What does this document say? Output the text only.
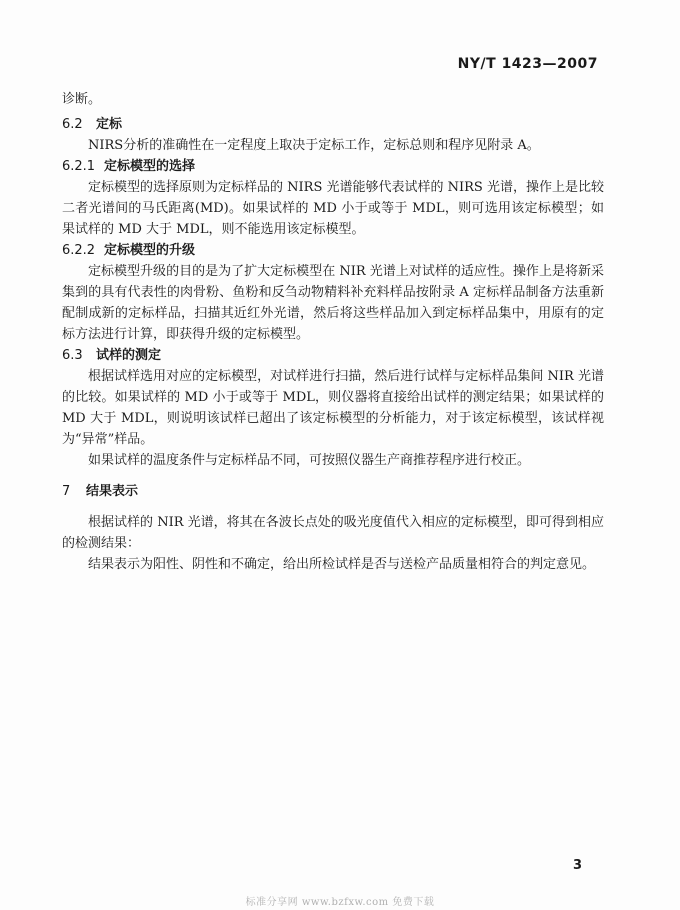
NY/T 1423—2007

诊断。

6.2 定标

NIRS分析的准确性在一定程度上取决于定标工作，定标总则和程序见附录 A。

6.2.1 定标模型的选择

定标模型的选择原则为定标样品的 NIRS 光谱能够代表试样的 NIRS 光谱，操作上是比较二者光谱间的马氏距离(MD)。如果试样的 MD 小于或等于 MDL，则可选用该定标模型；如果试样的 MD 大于 MDL，则不能选用该定标模型。

6.2.2 定标模型的升级

定标模型升级的目的是为了扩大定标模型在 NIR 光谱上对试样的适应性。操作上是将新采集到的具有代表性的肉骨粉、鱼粉和反刍动物精料补充料样品按附录 A 定标样品制备方法重新配制成新的定标样品，扫描其近红外光谱，然后将这些样品加入到定标样品集中，用原有的定标方法进行计算，即获得升级的定标模型。

6.3 试样的测定

根据试样选用对应的定标模型，对试样进行扫描，然后进行试样与定标样品集间 NIR 光谱的比较。如果试样的 MD 小于或等于 MDL，则仪器将直接给出试样的测定结果；如果试样的 MD 大于 MDL，则说明该试样已超出了该定标模型的分析能力，对于该定标模型，该试样视为“异常”样品。

如果试样的温度条件与定标样品不同，可按照仪器生产商推荐程序进行校正。

7 结果表示

根据试样的 NIR 光谱，将其在各波长点处的吸光度值代入相应的定标模型，即可得到相应的检测结果：

结果表示为阳性、阴性和不确定，给出所检试样是否与送检产品质量相符合的判定意见。

3
标准分享网 www.bzfxw.com 免费下载
